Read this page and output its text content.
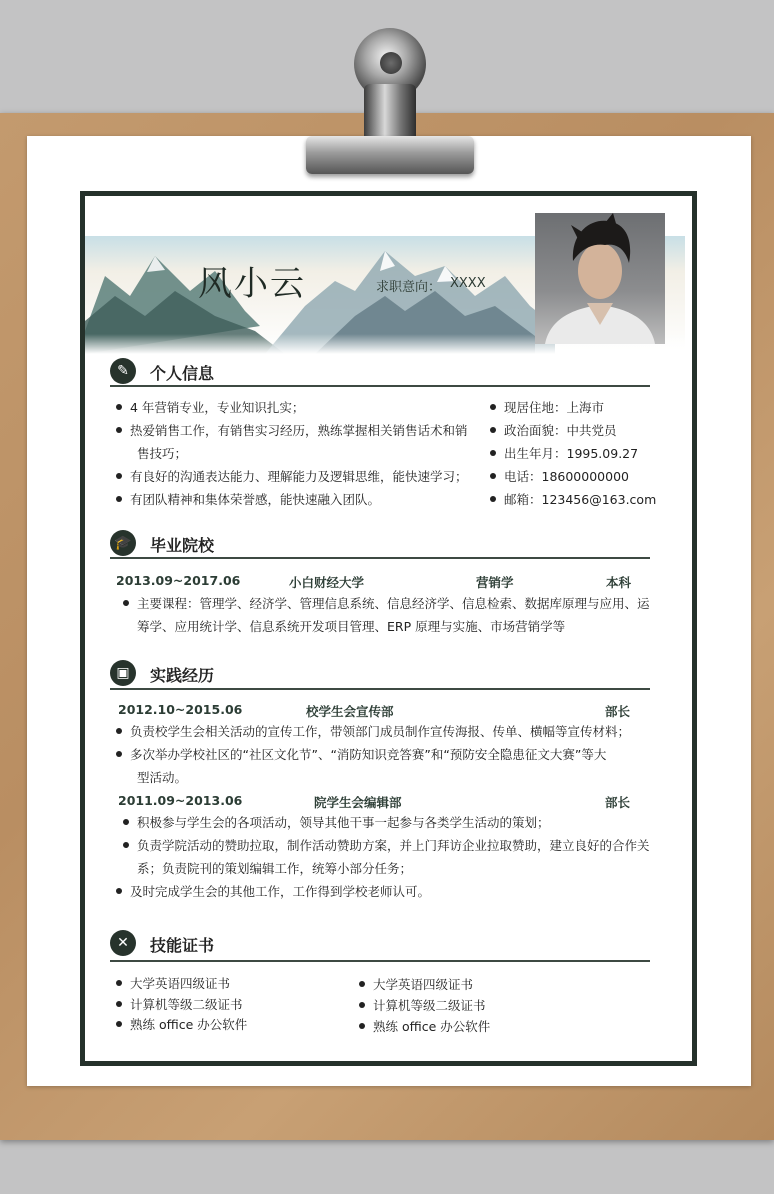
风小云	求职意向： XXXX
✎	个人信息
4 年营销专业，专业知识扎实；
热爱销售工作，有销售实习经历，熟练掌握相关销售话术和销
售技巧；
有良好的沟通表达能力、理解能力及逻辑思维，能快速学习；
有团队精神和集体荣誉感，能快速融入团队。
现居住地：上海市
政治面貌：中共党员
出生年月：1995.09.27
电话：18600000000
邮箱：123456@163.com
🎓 毕业院校
2013.09~2017.06	小白财经大学	营销学	本科
主要课程：管理学、经济学、管理信息系统、信息经济学、信息检索、数据库原理与应用、运
筹学、应用统计学、信息系统开发项目管理、ERP 原理与实施、市场营销学等
▣	实践经历
2012.10~2015.06	校学生会宣传部	部长
负责校学生会相关活动的宣传工作，带领部门成员制作宣传海报、传单、横幅等宣传材料；
多次举办学校社区的“社区文化节”、“消防知识竞答赛”和“预防安全隐患征文大赛”等大
型活动。
2011.09~2013.06	院学生会编辑部	部长
积极参与学生会的各项活动，领导其他干事一起参与各类学生活动的策划；
负责学院活动的赞助拉取，制作活动赞助方案，并上门拜访企业拉取赞助，建立良好的合作关
系；负责院刊的策划编辑工作，统筹小部分任务；
及时完成学生会的其他工作，工作得到学校老师认可。
✕	技能证书
大学英语四级证书
计算机等级二级证书
熟练 office 办公软件
大学英语四级证书
计算机等级二级证书
熟练 office 办公软件
